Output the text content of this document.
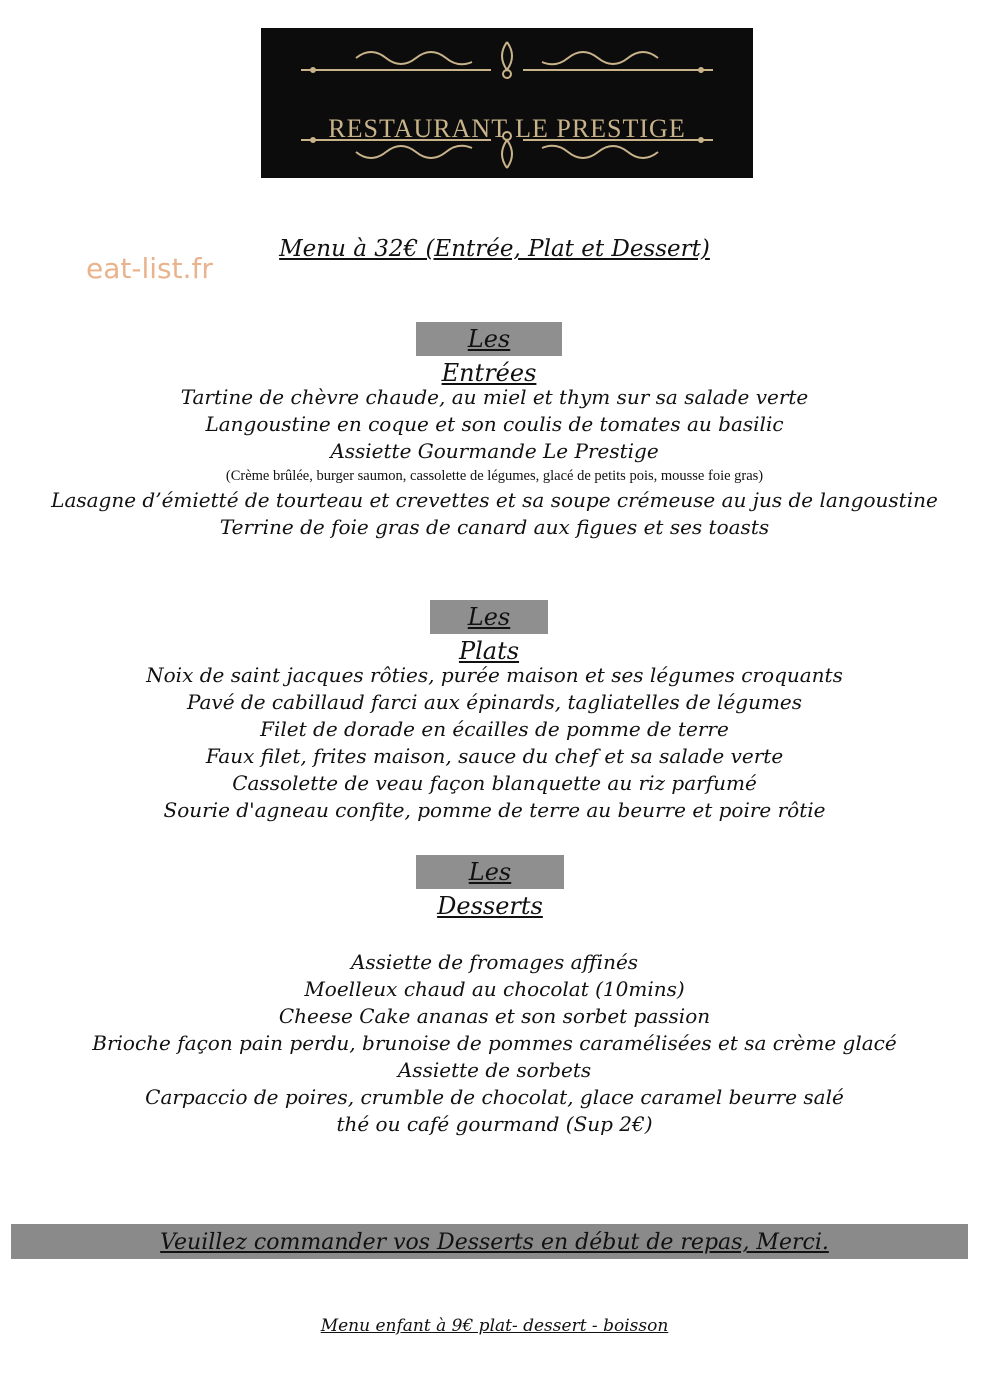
RESTAURANT LE PRESTIGE
eat-list.fr
Menu à 32€ (Entrée, Plat et Dessert)
Les Entrées
Tartine de chèvre chaude, au miel et thym sur sa salade verte
Langoustine en coque et son coulis de tomates au basilic
Assiette Gourmande Le Prestige
(Crème brûlée, burger saumon, cassolette de légumes, glacé de petits pois, mousse foie gras)
Lasagne d’émietté de tourteau et crevettes et sa soupe crémeuse au jus de langoustine
Terrine de foie gras de canard aux figues et ses toasts
Les Plats
Noix de saint jacques rôties, purée maison et ses légumes croquants
Pavé de cabillaud farci aux épinards, tagliatelles de légumes
Filet de dorade en écailles de pomme de terre
Faux filet, frites maison, sauce du chef et sa salade verte
Cassolette de veau façon blanquette au riz parfumé
Sourie d'agneau confite, pomme de terre au beurre et poire rôtie
Les Desserts
Assiette de fromages affinés
Moelleux chaud au chocolat (10mins)
Cheese Cake ananas et son sorbet passion
Brioche façon pain perdu, brunoise de pommes caramélisées et sa crème glacé
Assiette de sorbets
Carpaccio de poires, crumble de chocolat, glace caramel beurre salé
thé ou café gourmand (Sup 2€)
Veuillez commander vos Desserts en début de repas, Merci.
Menu enfant à 9€ plat- dessert - boisson
